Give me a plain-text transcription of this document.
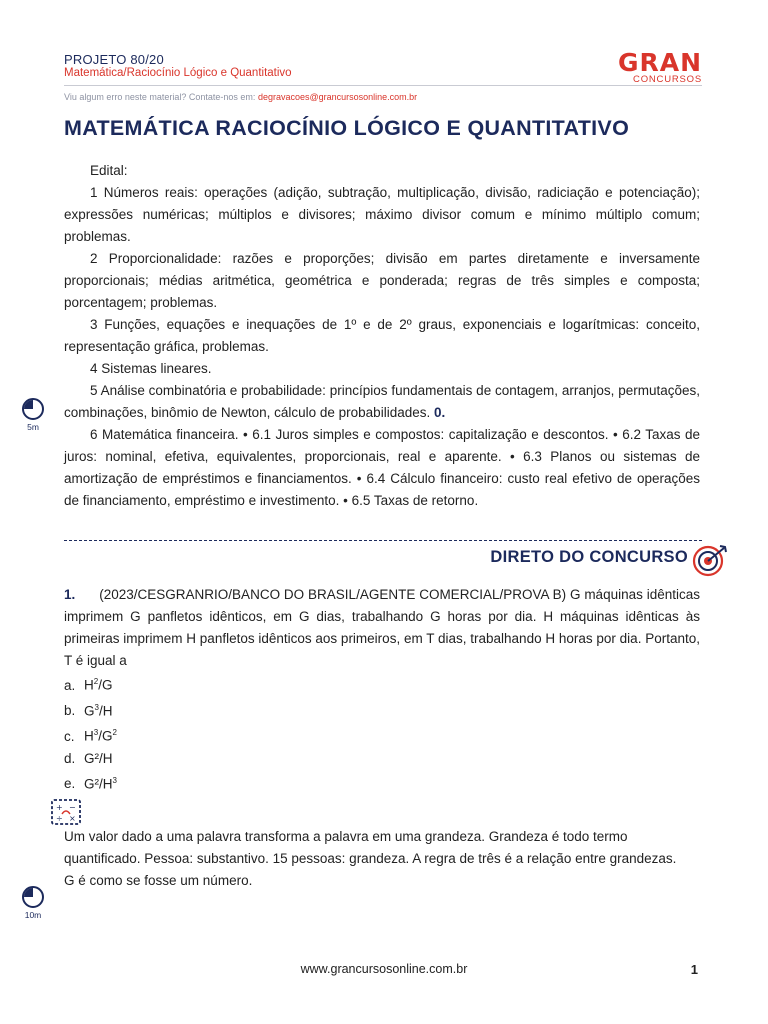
PROJETO 80/20
Matemática/Raciocínio Lógico e Quantitativo	GRAN
CONCURSOS
Viu algum erro neste material? Contate-nos em: degravacoes@grancursosonline.com.br
MATEMÁTICA RACIOCÍNIO LÓGICO E QUANTITATIVO

Edital:

1 Números reais: operações (adição, subtração, multiplicação, divisão, radiciação e potenciação); expressões numéricas; múltiplos e divisores; máximo divisor comum e mínimo múltiplo comum; problemas.

2 Proporcionalidade: razões e proporções; divisão em partes diretamente e inversamente proporcionais; médias aritmética, geométrica e ponderada; regras de três simples e composta; porcentagem; problemas.

3 Funções, equações e inequações de 1º e de 2º graus, exponenciais e logarítmicas: conceito, representação gráfica, problemas.

4 Sistemas lineares.

5 Análise combinatória e probabilidade: princípios fundamentais de contagem, arranjos, permutações, combinações, binômio de Newton, cálculo de probabilidades. 0.

6 Matemática financeira. • 6.1 Juros simples e compostos: capitalização e descontos. • 6.2 Taxas de juros: nominal, efetiva, equivalentes, proporcionais, real e aparente. • 6.3 Planos ou sistemas de amortização de empréstimos e financiamentos. • 6.4 Cálculo financeiro: custo real efetivo de operações de financiamento, empréstimo e investimento. • 6.5 Taxas de retorno.

5m
DIRETO DO CONCURSO

1. (2023/CESGRANRIO/BANCO DO BRASIL/AGENTE COMERCIAL/PROVA B) G máquinas idênticas imprimem G panfletos idênticos, em G dias, trabalhando G horas por dia. H máquinas idênticas às primeiras imprimem H panfletos idênticos aos primeiros, em T dias, trabalhando H horas por dia. Portanto, T é igual a

a. $H^2/G$
b. $G^3/H$
c. $H^3/G^2$
d. G²/H
e. $G^2/H^3$
+ −
÷ ×

Um valor dado a uma palavra transforma a palavra em uma grandeza. Grandeza é todo termo quantificado. Pessoa: substantivo. 15 pessoas: grandeza. A regra de três é a relação entre grandezas.

G é como se fosse um número.

10m
www.grancursosonline.com.br	1
